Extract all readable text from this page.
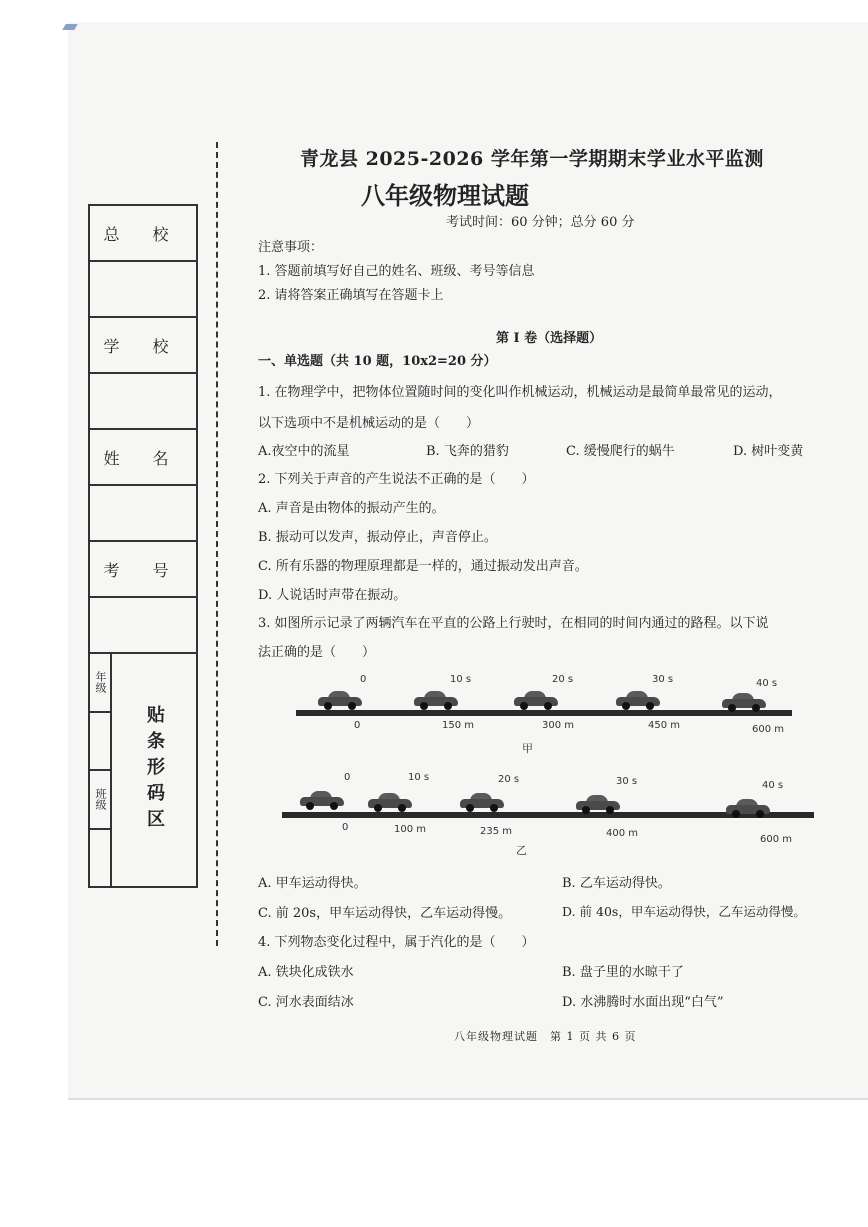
总 校
学 校
姓 名
考 号
年级
班级 贴条形码区
青龙县 2025-2026 学年第一学期期末学业水平监测
八年级物理试题
考试时间：60 分钟；总分 60 分
注意事项：
1. 答题前填写好自己的姓名、班级、考号等信息
2. 请将答案正确填写在答题卡上
第 I 卷（选择题）
一、单选题（共 10 题，10x2=20 分）
1. 在物理学中，把物体位置随时间的变化叫作机械运动，机械运动是最简单最常见的运动，
以下选项中不是机械运动的是（　　）
A.夜空中的流星	B. 飞奔的猎豹	C. 缓慢爬行的蜗牛	D. 树叶变黄
2. 下列关于声音的产生说法不正确的是（　　）
A. 声音是由物体的振动产生的。
B. 振动可以发声，振动停止，声音停止。
C. 所有乐器的物理原理都是一样的，通过振动发出声音。
D. 人说话时声带在振动。
3. 如图所示记录了两辆汽车在平直的公路上行驶时，在相同的时间内通过的路程。以下说
法正确的是（　　）
0	10 s	20 s	30 s	40 s
0	150 m	300 m	450 m	600 m
甲
0	10 s	20 s	30 s	40 s
0	100 m	235 m	400 m
600 m
乙
A. 甲车运动得快。	B. 乙车运动得快。
C. 前 20s，甲车运动得快，乙车运动得慢。	D. 前 40s，甲车运动得快，乙车运动得慢。
4. 下列物态变化过程中，属于汽化的是（　　）
A. 铁块化成铁水	B. 盘子里的水晾干了
C. 河水表面结冰	D. 水沸腾时水面出现“白气”
八年级物理试题　第 1 页 共 6 页
